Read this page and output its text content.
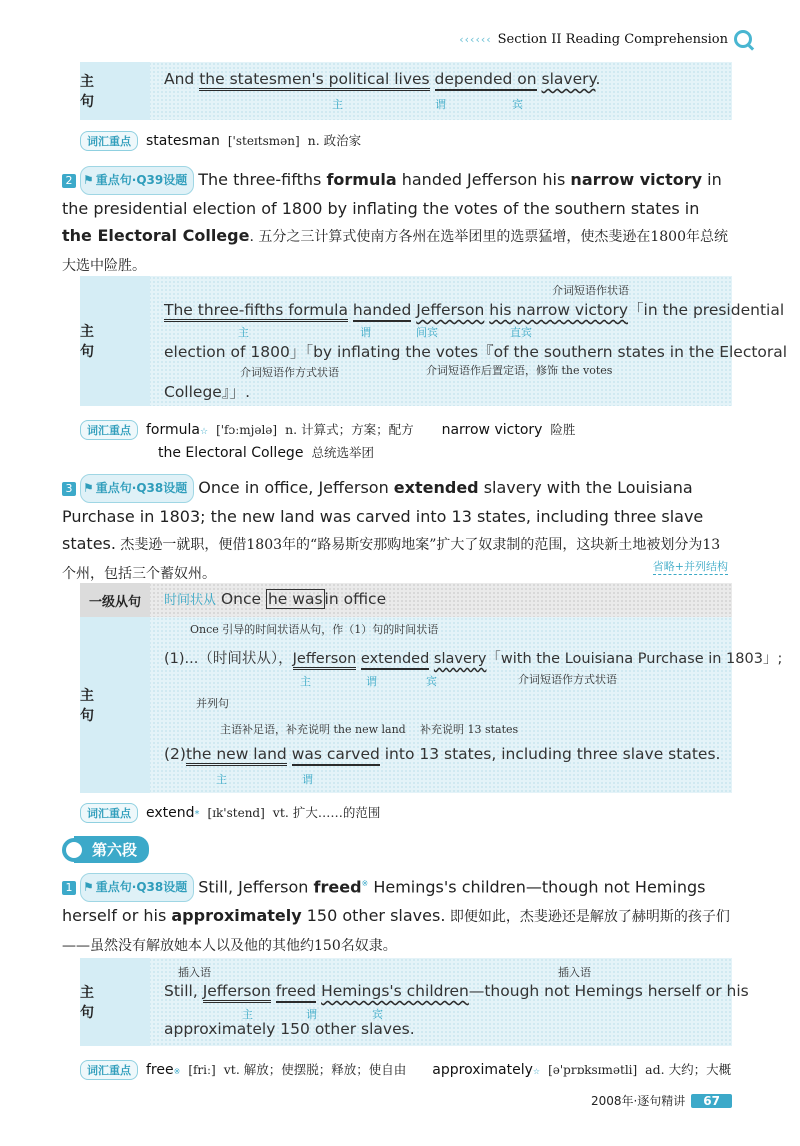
‹‹‹‹‹‹ Section II Reading Comprehension
主 句
And the statesmen's political lives depended on slavery.
主	谓	宾
词汇重点	statesman ['steɪtsmən] n. 政治家
2 ⚑ 重点句·Q39设题 The three-fifths formula handed Jefferson his narrow victory in the presidential election of 1800 by inflating the votes of the southern states in the Electoral College. 五分之三计算式使南方各州在选举团里的选票猛增，使杰斐逊在1800年总统大选中险胜。
主 句
介词短语作状语
The three-fifths formula handed Jefferson his narrow victory「in the presidential
主	谓	间宾	直宾
election of 1800」「by inflating the votes『of the southern states in the Electoral
介词短语作方式状语	介词短语作后置定语，修饰 the votes
College』」.
词汇重点	formula ☆ ['fɔːmjələ] n. 计算式；方案；配方 narrow victory 险胜
the Electoral College 总统选举团
3 ⚑ 重点句·Q38设题 Once in office, Jefferson extended slavery with the Louisiana Purchase in 1803; the new land was carved into 13 states, including three slave states. 杰斐逊一就职，便借1803年的“路易斯安那购地案”扩大了奴隶制的范围，这块新土地被划分为13个州，包括三个蓄奴州。	省略+并列结构
一级从句	时间状从 Once he was in office
主 句
Once 引导的时间状语从句，作（1）句的时间状语
(1)...（时间状从），Jefferson extended slavery「with the Louisiana Purchase in 1803」;
主	谓	宾	介词短语作方式状语
并列句
主语补足语，补充说明 the new land 补充说明 13 states
(2)the new land was carved into 13 states, including three slave states.
主	谓
词汇重点	extend * [ɪk'stend] vt. 扩大……的范围
第六段
1 ⚑ 重点句·Q38设题 Still, Jefferson freed※ Hemings's children—though not Hemings herself or his approximately 150 other slaves. 即便如此，杰斐逊还是解放了赫明斯的孩子们——虽然没有解放她本人以及他的其他约150名奴隶。
主 句
插入语	插入语
Still, Jefferson freed Hemings's children—though not Hemings herself or his
主	谓	宾
approximately 150 other slaves.
词汇重点	free ※ [friː] vt. 解放；使摆脱；释放；使自由 approximately ☆ [ə'prɒksɪmətli] ad. 大约；大概
2008年·逐句精讲	67
